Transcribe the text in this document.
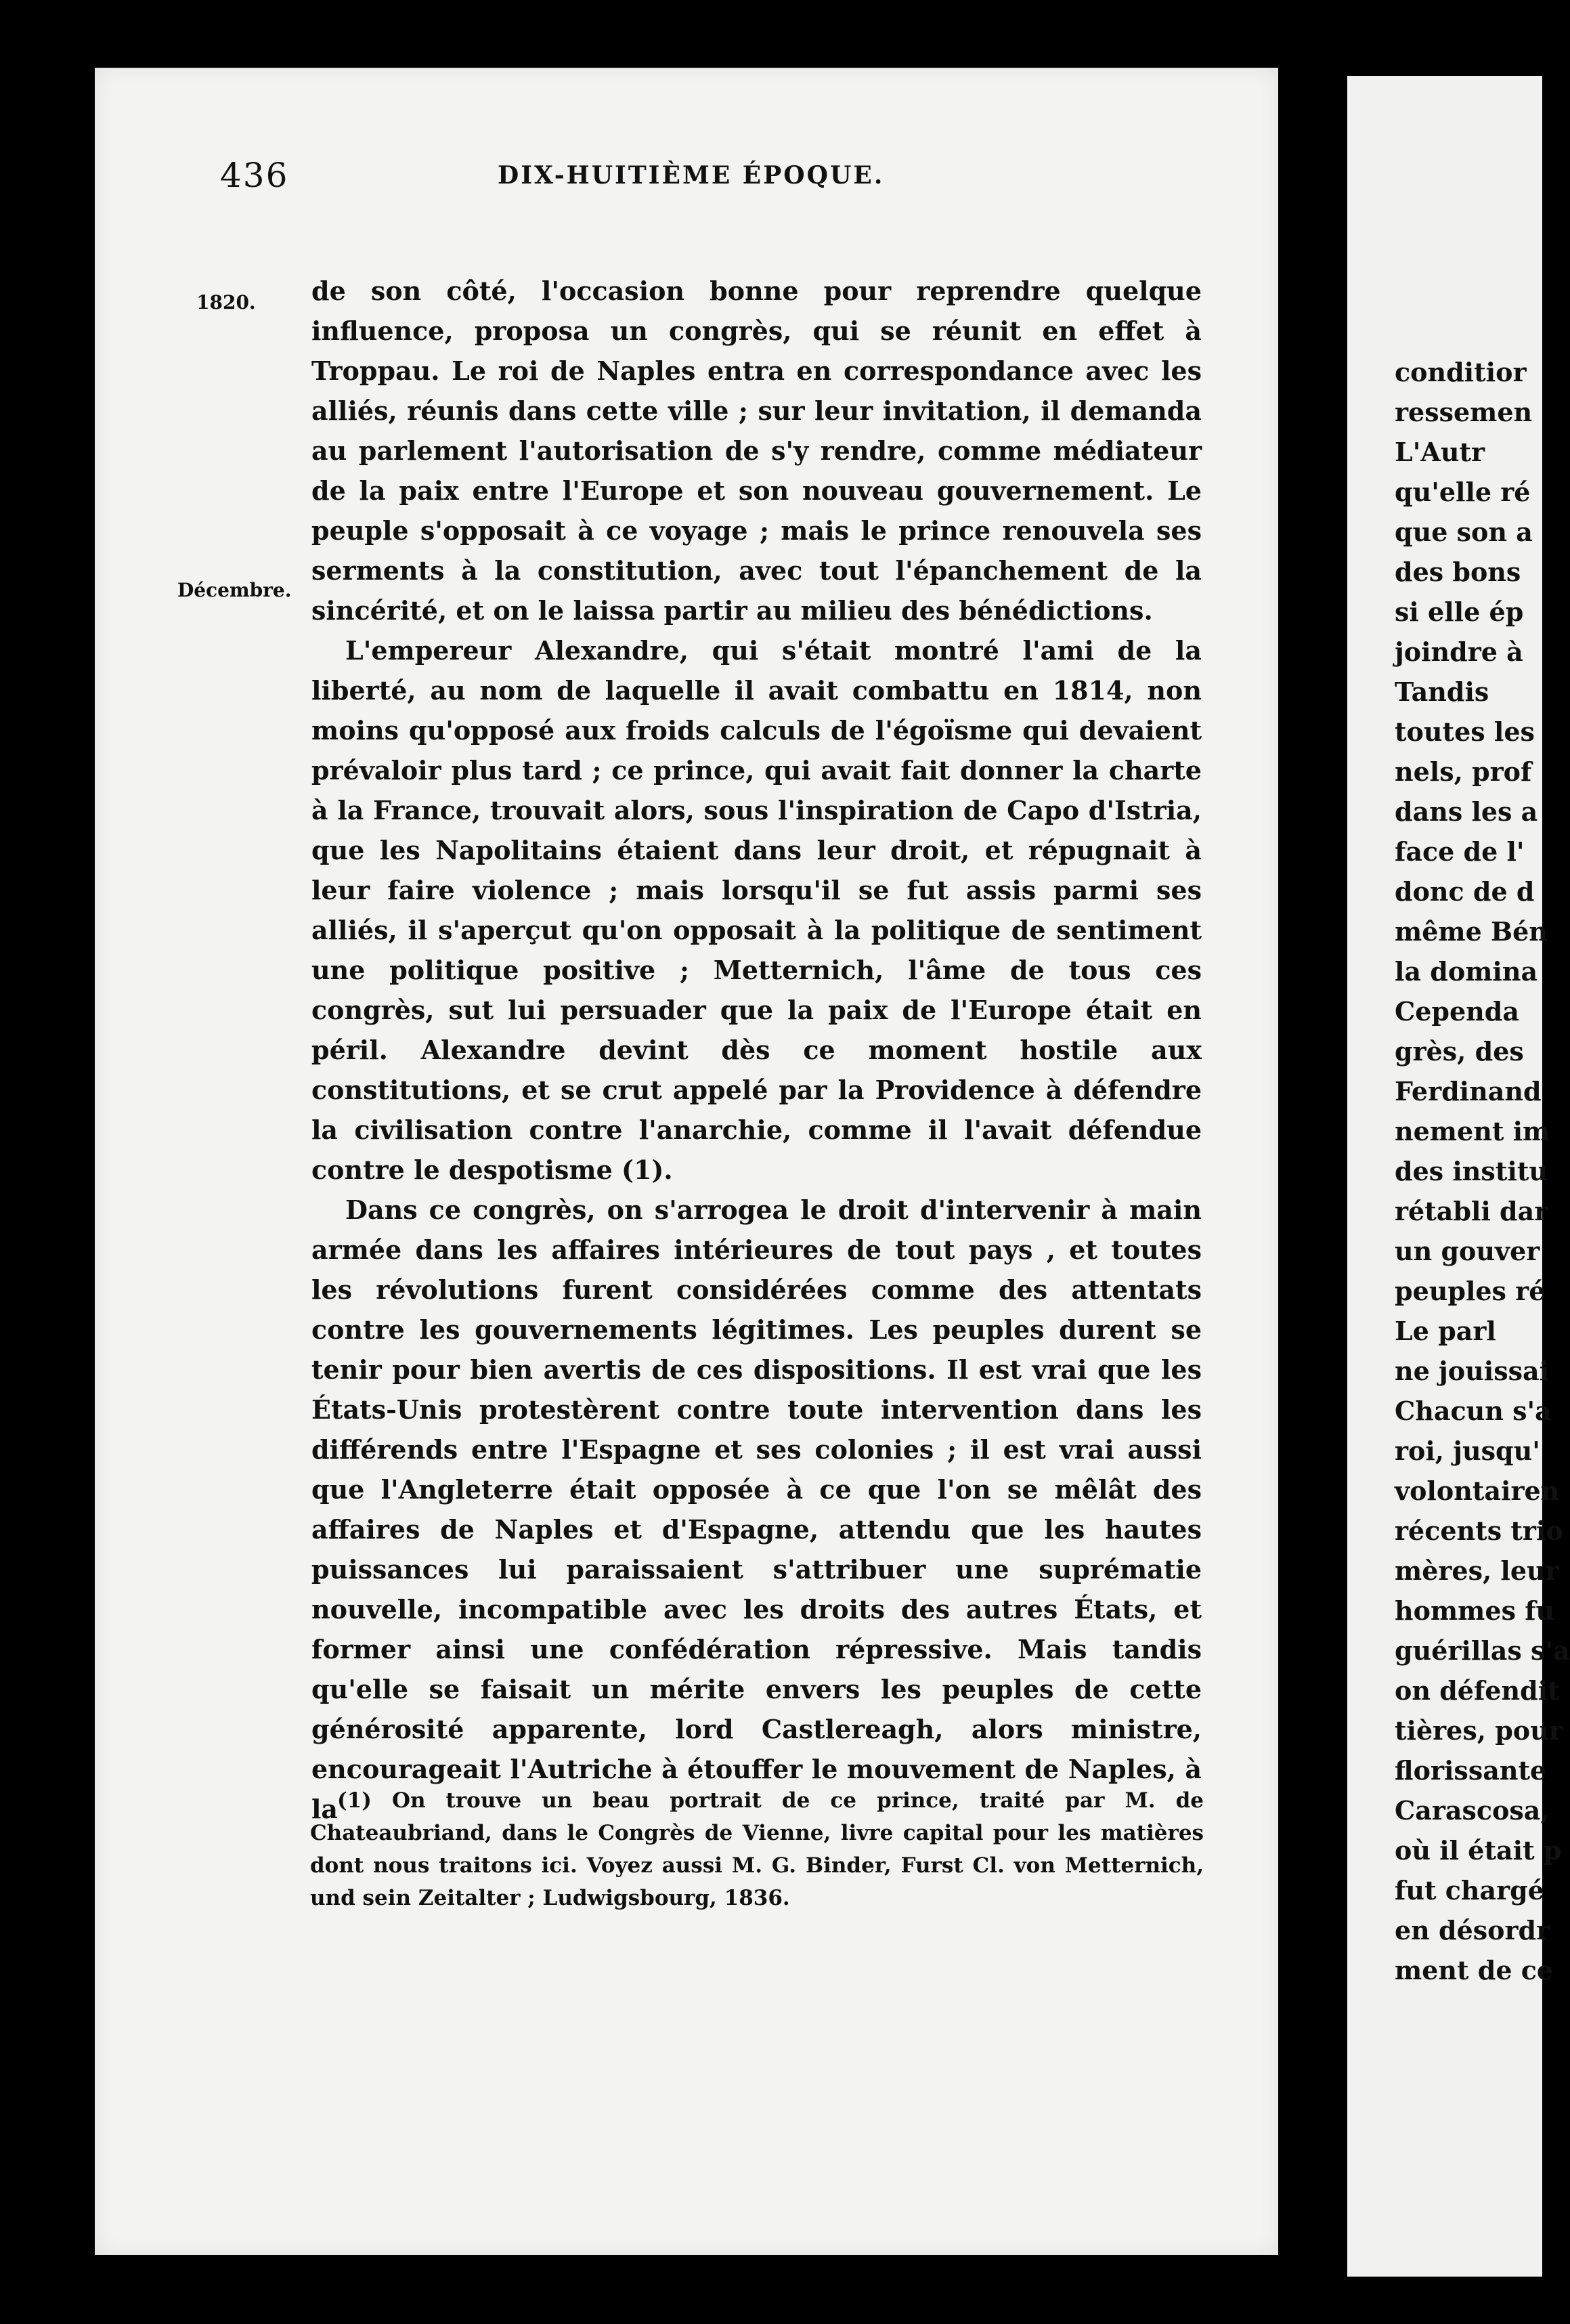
436	DIX-HUITIÈME ÉPOQUE.
1820.
Décembre.

de son côté, l'occasion bonne pour reprendre quelque influence, proposa un congrès, qui se réunit en effet à Troppau. Le roi de Naples entra en correspondance avec les alliés, réunis dans cette ville ; sur leur invitation, il demanda au parlement l'autorisation de s'y rendre, comme médiateur de la paix entre l'Europe et son nouveau gouvernement. Le peuple s'opposait à ce voyage ; mais le prince renouvela ses serments à la constitution, avec tout l'épanchement de la sincérité, et on le laissa partir au milieu des bénédictions.

L'empereur Alexandre, qui s'était montré l'ami de la liberté, au nom de laquelle il avait combattu en 1814, non moins qu'opposé aux froids calculs de l'égoïsme qui devaient prévaloir plus tard ; ce prince, qui avait fait donner la charte à la France, trouvait alors, sous l'inspiration de Capo d'Istria, que les Napolitains étaient dans leur droit, et répugnait à leur faire violence ; mais lorsqu'il se fut assis parmi ses alliés, il s'aperçut qu'on opposait à la politique de sentiment une politique positive ; Metternich, l'âme de tous ces congrès, sut lui persuader que la paix de l'Europe était en péril. Alexandre devint dès ce moment hostile aux constitutions, et se crut appelé par la Providence à défendre la civilisation contre l'anarchie, comme il l'avait défendue contre le despotisme (1).

Dans ce congrès, on s'arrogea le droit d'intervenir à main armée dans les affaires intérieures de tout pays , et toutes les révolutions furent considérées comme des attentats contre les gouvernements légitimes. Les peuples durent se tenir pour bien avertis de ces dispositions. Il est vrai que les États-Unis protestèrent contre toute intervention dans les différends entre l'Espagne et ses colonies ; il est vrai aussi que l'Angleterre était opposée à ce que l'on se mêlât des affaires de Naples et d'Espagne, attendu que les hautes puissances lui paraissaient s'attribuer une suprématie nouvelle, incompatible avec les droits des autres États, et former ainsi une confédération répressive. Mais tandis qu'elle se faisait un mérite envers les peuples de cette générosité apparente, lord Castlereagh, alors ministre, encourageait l'Autriche à étouffer le mouvement de Naples, à la

(1) On trouve un beau portrait de ce prince, traité par M. de Chateaubriand, dans le Congrès de Vienne, livre capital pour les matières dont nous traitons ici. Voyez aussi M. G. Binder, Furst Cl. von Metternich, und sein Zeitalter ; Ludwigsbourg, 1836.

conditior
ressemen
L'Autr
qu'elle ré
que son a
des bons
si elle ép
joindre à
Tandis
toutes les
nels, prof
dans les a
face de l'
donc de d
même Bén
la domina
Cependa
grès, des
Ferdinand
nement im
des institu
rétabli dar
un gouver
peuples ré
Le parl
ne jouissai
Chacun s'a
roi, jusqu'
volontairen
récents trio
mères, leur
hommes fu
guérillas s'a
on défendit
tières, pour
florissante
Carascosa,
où il était p
fut chargé
en désordr
ment de ce
